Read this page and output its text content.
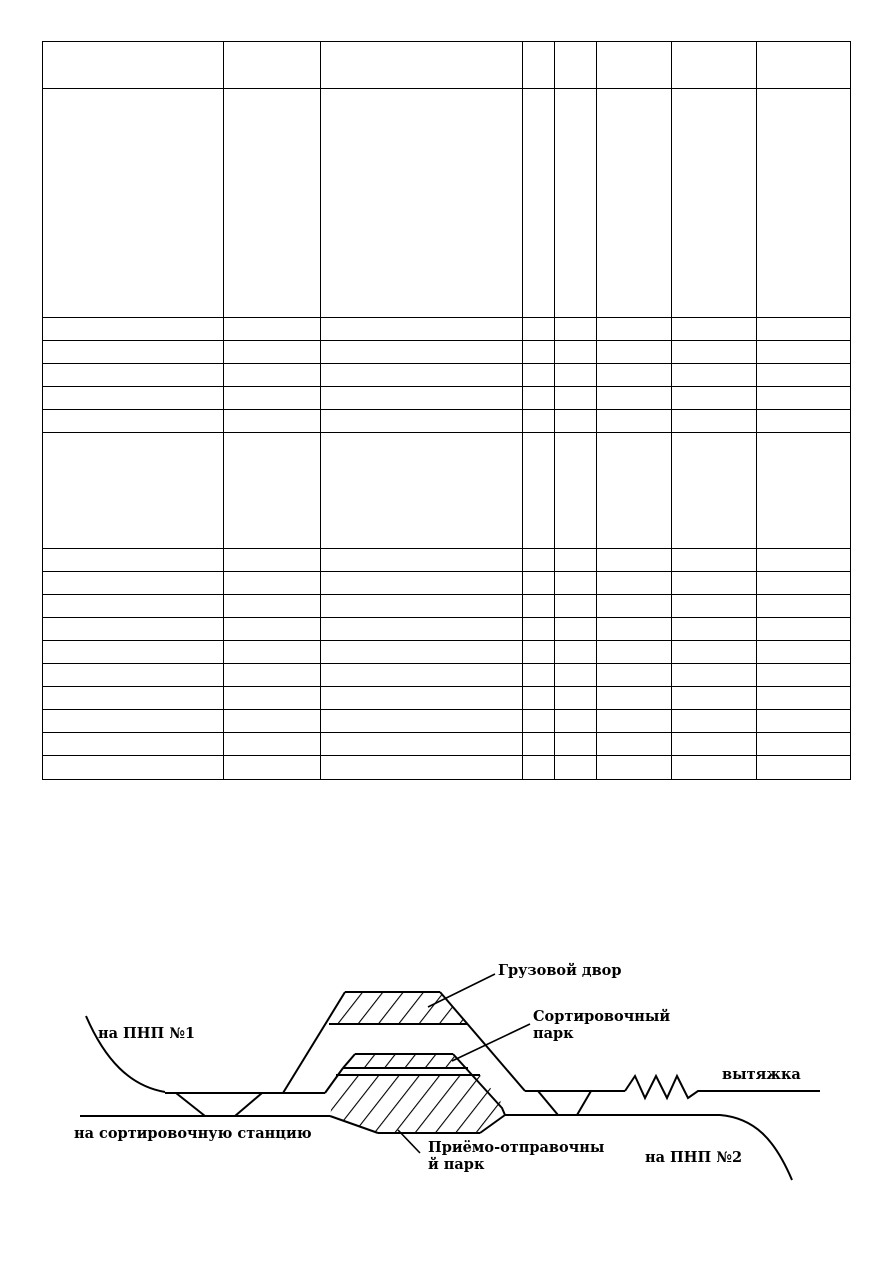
Грузовой двор
Сортировочный
парк
на ПНП №1
вытяжка
на сортировочную станцию
Приёмо-отправочны
й парк	на ПНП №2
